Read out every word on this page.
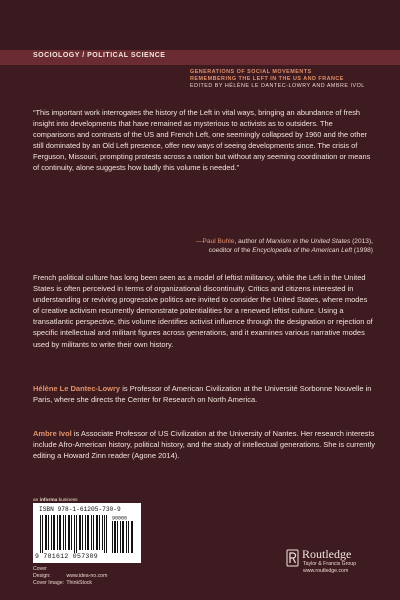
SOCIOLOGY / POLITICAL SCIENCE
GENERATIONS OF SOCIAL MOVEMENTS
REMEMBERING THE LEFT IN THE US AND FRANCE
EDITED BY HÉLÈNE LE DANTEC-LOWRY AND AMBRE IVOL
“This important work interrogates the history of the Left in vital ways, bringing an abundance of fresh insight into developments that have remained as mysterious to activists as to outsiders. The comparisons and contrasts of the US and French Left, one seemingly collapsed by 1960 and the other still dominated by an Old Left presence, offer new ways of seeing developments since. The crisis of Ferguson, Missouri, prompting protests across a nation but without any seeming coordination or means of continuity, alone suggests how badly this volume is needed.”
—Paul Buhle, author of Marxism in the United States (2013),
coeditor of the Encyclopedia of the American Left (1998)
French political culture has long been seen as a model of leftist militancy, while the Left in the United States is often perceived in terms of organizational discontinuity. Critics and citizens interested in understanding or reviving progressive politics are invited to consider the United States, where modes of creative activism recurrently demonstrate potentialities for a renewed leftist culture. Using a transatlantic perspective, this volume identifies activist influence through the designation or rejection of specific intellectual and militant figures across generations, and it examines various narrative modes used by militants to write their own history.
Hélène Le Dantec-Lowry is Professor of American Civilization at the Université Sorbonne Nouvelle in Paris, where she directs the Center for Research on North America.
Ambre Ivol is Associate Professor of US Civilization at the University of Nantes. Her research interests include Afro-American history, political history, and the study of intellectual generations. She is currently editing a Howard Zinn reader (Agone 2014).
an informa business
ISBN 978-1-61205-730-9
90000
9 781612 057309
Cover Design:	www.idea-no.com
Cover Image: ThinkStock
Routledge
Taylor & Francis Group
www.routledge.com
